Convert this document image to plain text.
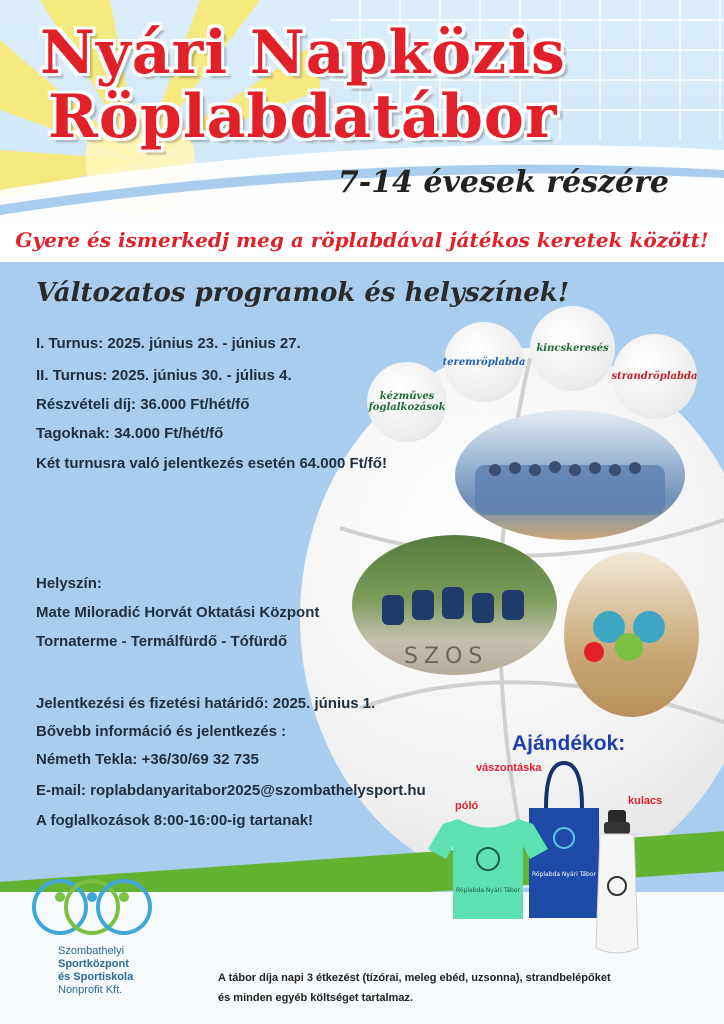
Nyári Napközis
Röplabdatábor
7-14 évesek részére
Gyere és ismerkedj meg a röplabdával játékos keretek között!
Változatos programok és helyszínek!
I. Turnus: 2025. június 23. - június 27.
II. Turnus: 2025. június 30. - július 4.
Részvételi díj: 36.000 Ft/hét/fő
Tagoknak: 34.000 Ft/hét/fő
Két turnusra való jelentkezés esetén 64.000 Ft/fő!
kézműves foglalkozások
teremröplabda
kincskeresés
strandröplabda
SZOS
Helyszín:
Mate Miloradić Horvát Oktatási Központ
Tornaterme - Termálfürdő - Tófürdő
Jelentkezési és fizetési határidő: 2025. június 1.
Bővebb információ és jelentkezés :
Németh Tekla: +36/30/69 32 735
E-mail: roplabdanyaritabor2025@szombathelysport.hu
A foglalkozások 8:00-16:00-ig tartanak!
Ajándékok:
vászontáska
póló	kulacs
Röplabda Nyári Tábor
Röplabda Nyári Tábor
Szombathelyi
Sportközpont
és Sportiskola
Nonprofit Kft.
A tábor díja napi 3 étkezést (tízórai, meleg ebéd, uzsonna), strandbelépőket
és minden egyéb költséget tartalmaz.
